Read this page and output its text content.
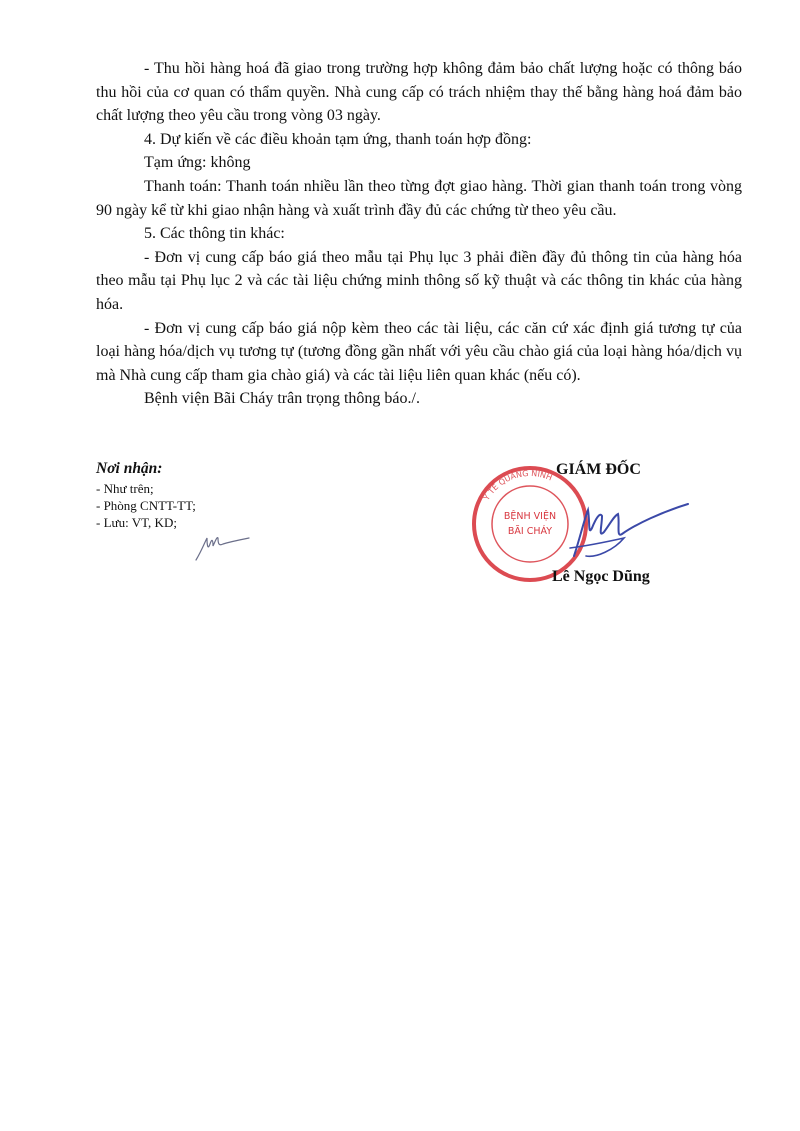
- Thu hồi hàng hoá đã giao trong trường hợp không đảm bảo chất lượng hoặc có thông báo thu hồi của cơ quan có thẩm quyền. Nhà cung cấp có trách nhiệm thay thế bằng hàng hoá đảm bảo chất lượng theo yêu cầu trong vòng 03 ngày.

4. Dự kiến về các điều khoản tạm ứng, thanh toán hợp đồng:

Tạm ứng: không

Thanh toán: Thanh toán nhiều lần theo từng đợt giao hàng. Thời gian thanh toán trong vòng 90 ngày kể từ khi giao nhận hàng và xuất trình đầy đủ các chứng từ theo yêu cầu.

5. Các thông tin khác:

- Đơn vị cung cấp báo giá theo mẫu tại Phụ lục 3 phải điền đầy đủ thông tin của hàng hóa theo mẫu tại Phụ lục 2 và các tài liệu chứng minh thông số kỹ thuật và các thông tin khác của hàng hóa.

- Đơn vị cung cấp báo giá nộp kèm theo các tài liệu, các căn cứ xác định giá tương tự của loại hàng hóa/dịch vụ tương tự (tương đồng gần nhất với yêu cầu chào giá của loại hàng hóa/dịch vụ mà Nhà cung cấp tham gia chào giá) và các tài liệu liên quan khác (nếu có).

Bệnh viện Bãi Cháy trân trọng thông báo./.

Nơi nhận:
- Như trên;
- Phòng CNTT-TT;
- Lưu: VT, KD;
Y TẾ QUẢNG NINH
BỆNH VIỆN
BÃI CHÁY
GIÁM ĐỐC
Lê Ngọc Dũng
